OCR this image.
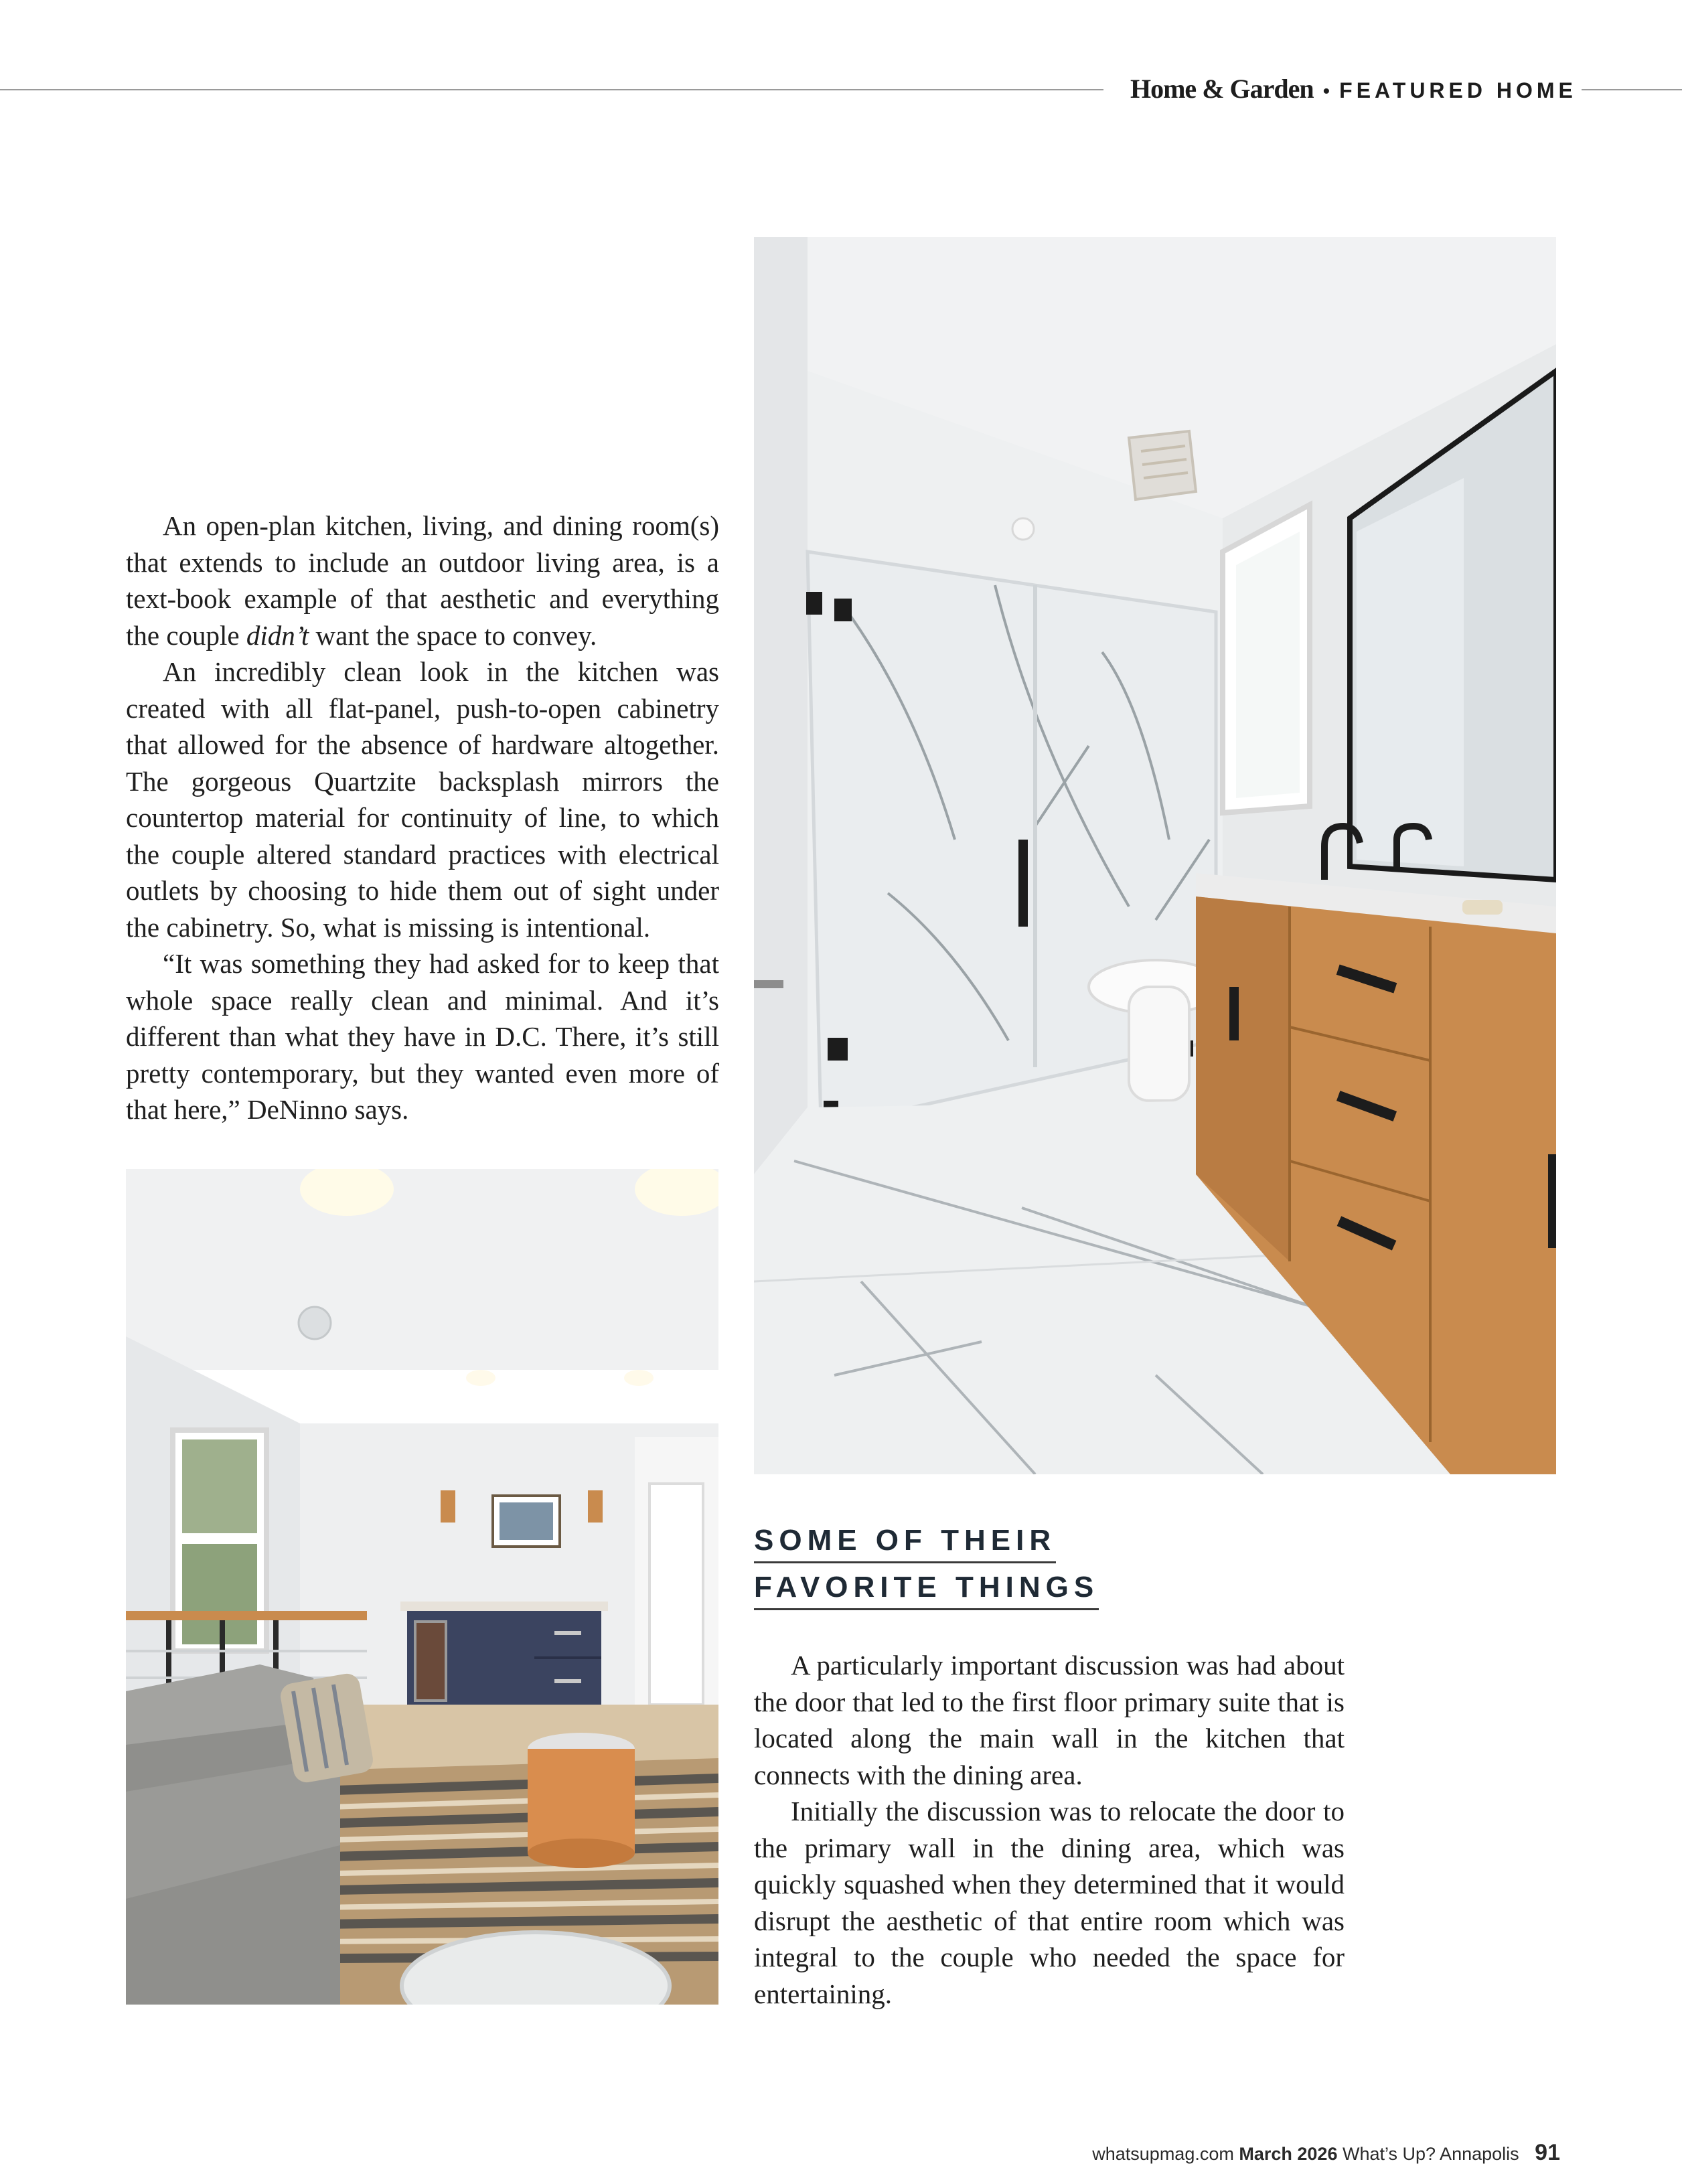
Home & Garden • FEATURED HOME

An open-plan kitchen, living, and dining room(s) that extends to include an outdoor living area, is a text-book example of that aesthetic and everything the couple didn’t want the space to convey.

An incredibly clean look in the kitchen was created with all flat-panel, push-to-open cabinetry that allowed for the absence of hardware altogether. The gorgeous Quartzite backsplash mirrors the countertop material for continuity of line, to which the couple altered standard practices with electrical outlets by choosing to hide them out of sight under the cabinetry. So, what is missing is intentional.

“It was something they had asked for to keep that whole space really clean and minimal. And it’s different than what they have in D.C. There, it’s still pretty contemporary, but they wanted even more of that here,” DeNinno says.

SOME OF THEIR
FAVORITE THINGS

A particularly important discussion was had about the door that led to the first floor primary suite that is located along the main wall in the kitchen that connects with the dining area.

Initially the discussion was to relocate the door to the primary wall in the dining area, which was quickly squashed when they determined that it would disrupt the aesthetic of that entire room which was integral to the couple who needed the space for entertaining.

whatsupmag.com March 2026 What’s Up? Annapolis 91
